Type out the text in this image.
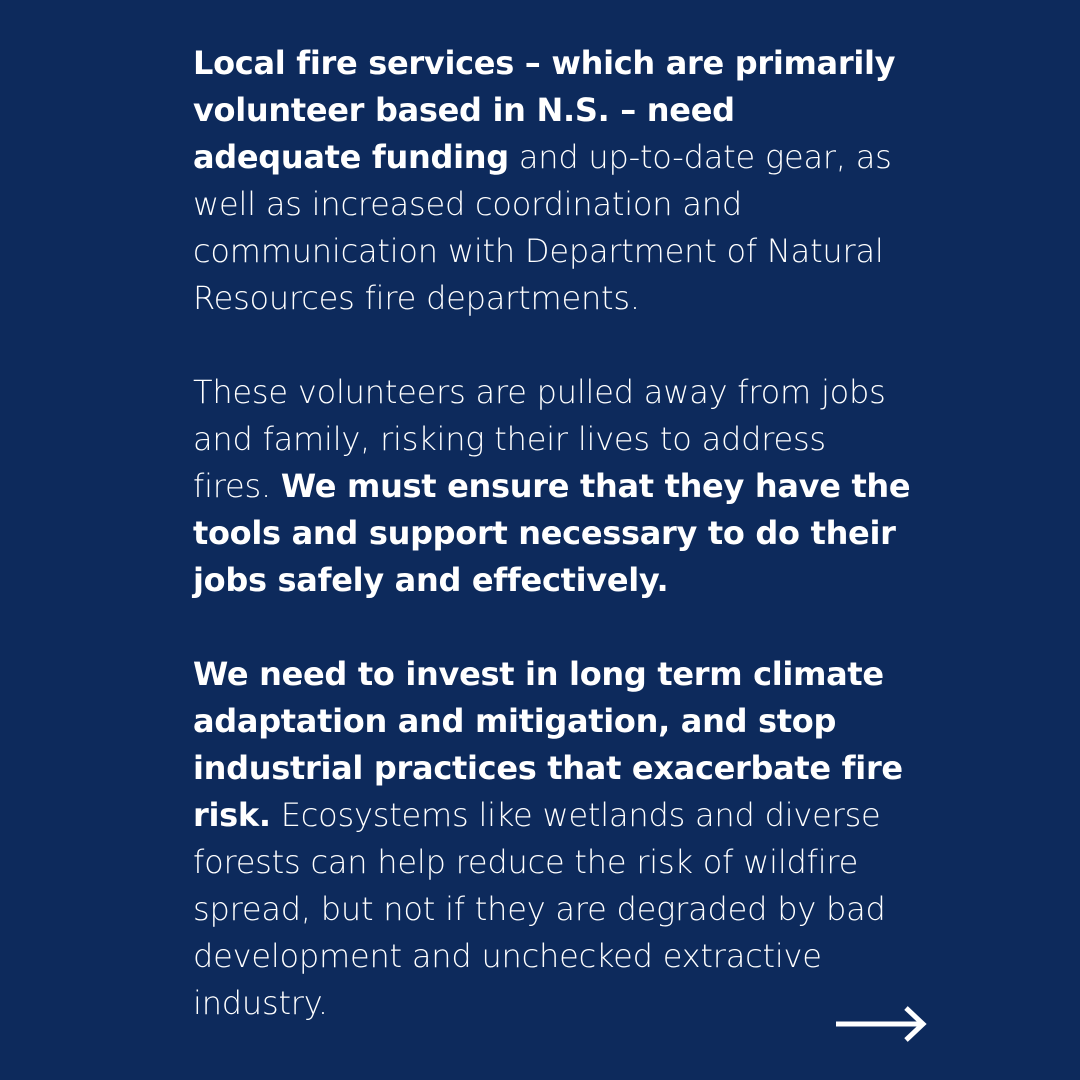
Local fire services – which are primarily volunteer based in N.S. – need adequate funding and up-to-date gear, as well as increased coordination and communication with Department of Natural Resources fire departments.

These volunteers are pulled away from jobs and family, risking their lives to address fires. We must ensure that they have the tools and support necessary to do their jobs safely and effectively.

We need to invest in long term climate adaptation and mitigation, and stop industrial practices that exacerbate fire risk. Ecosystems like wetlands and diverse forests can help reduce the risk of wildfire spread, but not if they are degraded by bad development and unchecked extractive industry.
